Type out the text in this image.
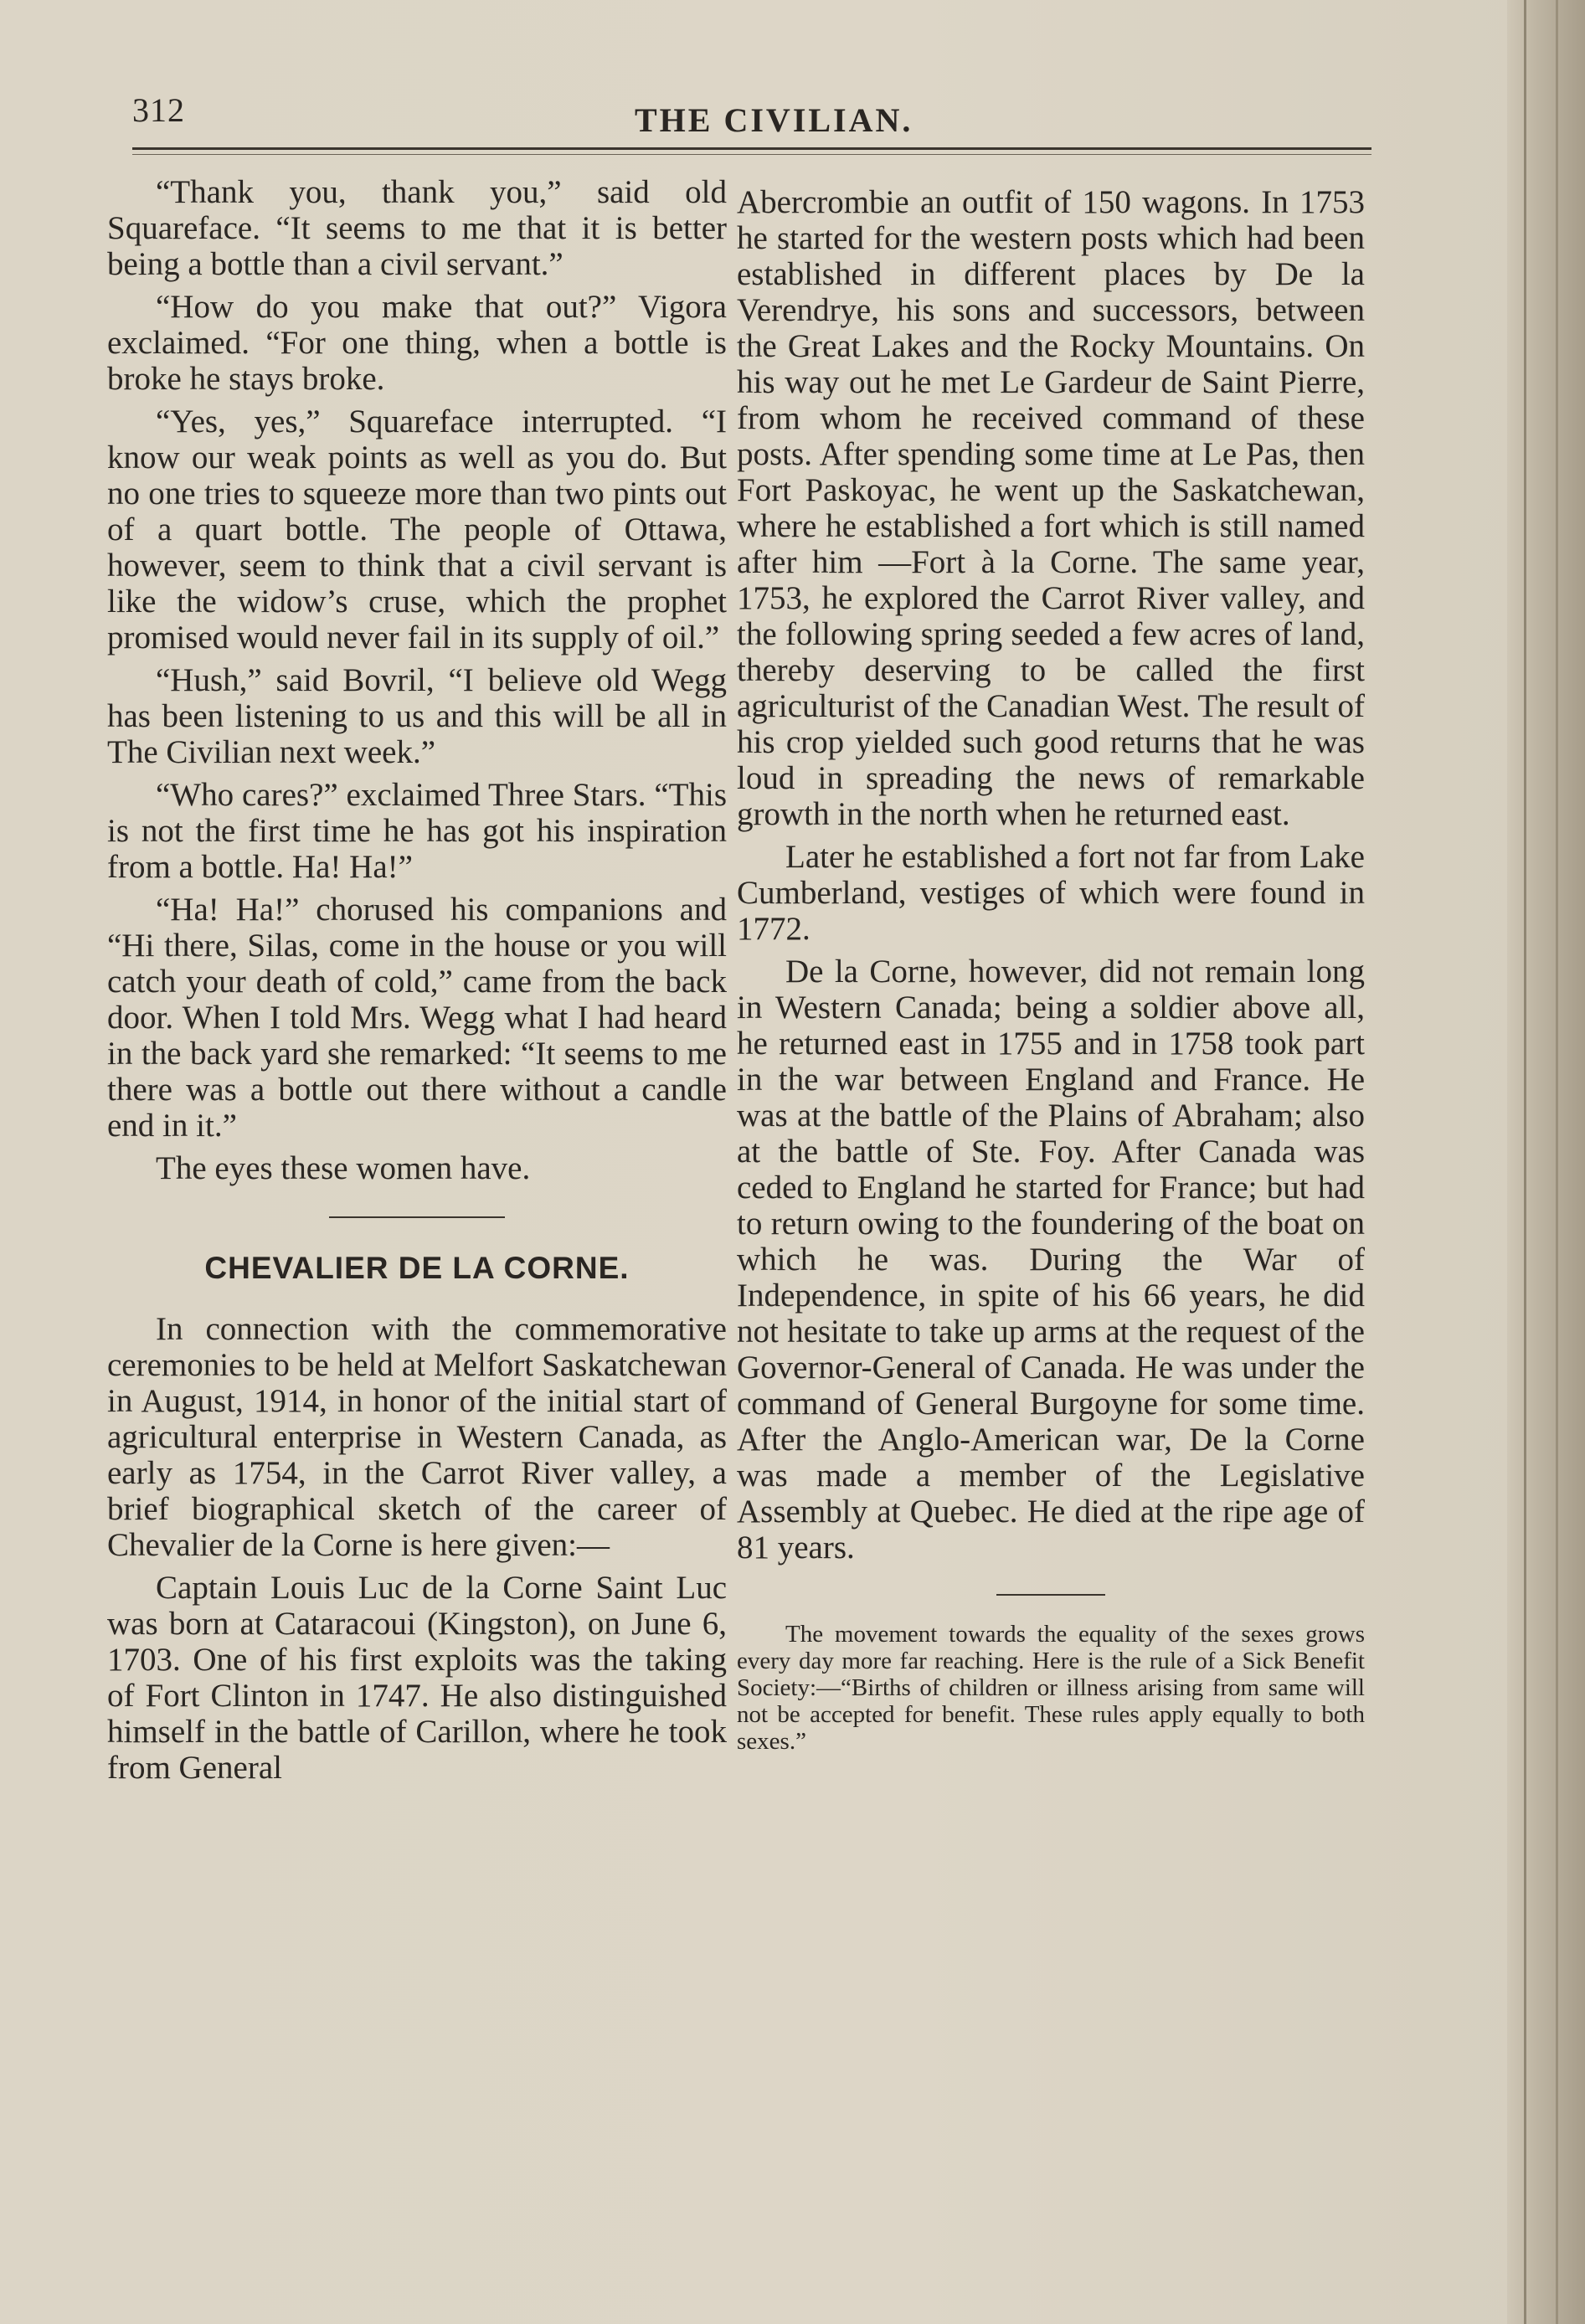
312	THE CIVILIAN.

“Thank you, thank you,” said old Squareface. “It seems to me that it is better being a bottle than a civil servant.”

“How do you make that out?” Vigora exclaimed. “For one thing, when a bottle is broke he stays broke.

“Yes, yes,” Squareface interrupted. “I know our weak points as well as you do. But no one tries to squeeze more than two pints out of a quart bottle. The people of Ottawa, however, seem to think that a civil servant is like the widow’s cruse, which the prophet promised would never fail in its supply of oil.”

“Hush,” said Bovril, “I believe old Wegg has been listening to us and this will be all in The Civilian next week.”

“Who cares?” exclaimed Three Stars. “This is not the first time he has got his inspiration from a bottle. Ha! Ha!”

“Ha! Ha!” chorused his companions and “Hi there, Silas, come in the house or you will catch your death of cold,” came from the back door. When I told Mrs. Wegg what I had heard in the back yard she remarked: “It seems to me there was a bottle out there without a candle end in it.”

The eyes these women have.

CHEVALIER DE LA CORNE.

In connection with the commemorative ceremonies to be held at Melfort Saskatchewan in August, 1914, in honor of the initial start of agricultural enterprise in Western Canada, as early as 1754, in the Carrot River valley, a brief biographical sketch of the career of Chevalier de la Corne is here given:—

Captain Louis Luc de la Corne Saint Luc was born at Cataracoui (Kingston), on June 6, 1703. One of his first exploits was the taking of Fort Clinton in 1747. He also distinguished himself in the battle of Carillon, where he took from General

Abercrombie an outfit of 150 wagons. In 1753 he started for the western posts which had been established in different places by De la Verendrye, his sons and successors, between the Great Lakes and the Rocky Mountains. On his way out he met Le Gardeur de Saint Pierre, from whom he received command of these posts. After spending some time at Le Pas, then Fort Paskoyac, he went up the Saskatchewan, where he established a fort which is still named after him —Fort à la Corne. The same year, 1753, he explored the Carrot River valley, and the following spring seeded a few acres of land, thereby deserving to be called the first agriculturist of the Canadian West. The result of his crop yielded such good returns that he was loud in spreading the news of remarkable growth in the north when he returned east.

Later he established a fort not far from Lake Cumberland, vestiges of which were found in 1772.

De la Corne, however, did not remain long in Western Canada; being a soldier above all, he returned east in 1755 and in 1758 took part in the war between England and France. He was at the battle of the Plains of Abraham; also at the battle of Ste. Foy. After Canada was ceded to England he started for France; but had to return owing to the foundering of the boat on which he was. During the War of Independence, in spite of his 66 years, he did not hesitate to take up arms at the request of the Governor-General of Canada. He was under the command of General Burgoyne for some time. After the Anglo-American war, De la Corne was made a member of the Legislative Assembly at Quebec. He died at the ripe age of 81 years.

The movement towards the equality of the sexes grows every day more far reaching. Here is the rule of a Sick Benefit Society:—“Births of children or illness arising from same will not be accepted for benefit. These rules apply equally to both sexes.”
